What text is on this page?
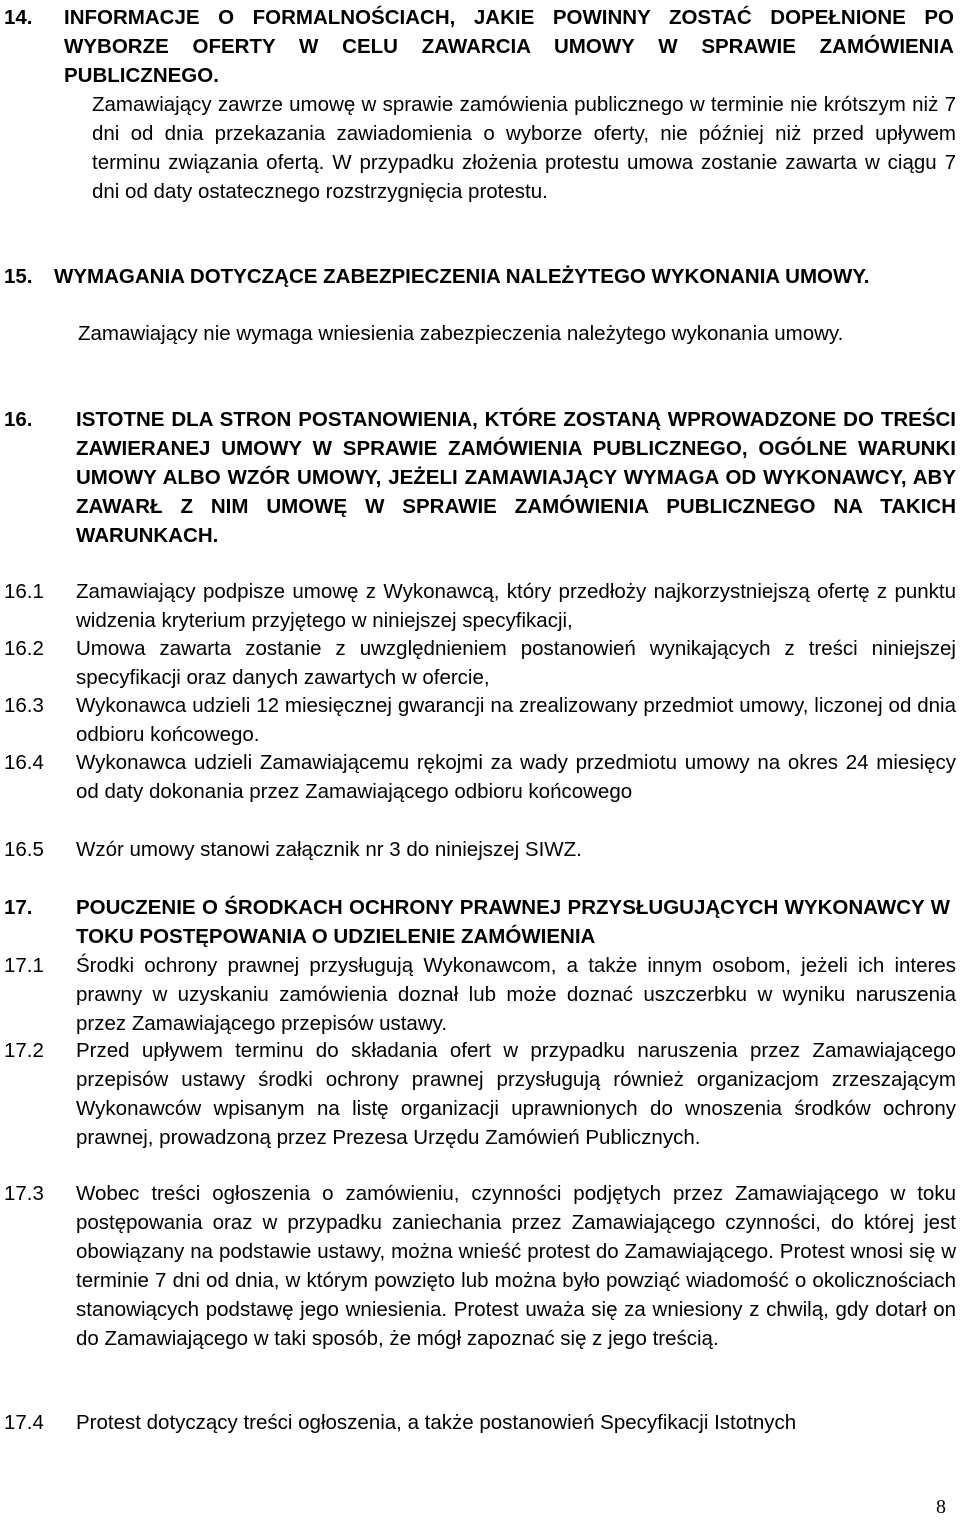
14. INFORMACJE O FORMALNOŚCIACH, JAKIE POWINNY ZOSTAĆ DOPEŁNIONE PO WYBORZE OFERTY W CELU ZAWARCIA UMOWY W SPRAWIE ZAMÓWIENIA PUBLICZNEGO.
Zamawiający zawrze umowę w sprawie zamówienia publicznego w terminie nie krótszym niż 7 dni od dnia przekazania zawiadomienia o wyborze oferty, nie później niż przed upływem terminu związania ofertą. W przypadku złożenia protestu umowa zostanie zawarta w ciągu 7 dni od daty ostatecznego rozstrzygnięcia protestu.
15. WYMAGANIA DOTYCZĄCE ZABEZPIECZENIA NALEŻYTEGO WYKONANIA UMOWY.
Zamawiający nie wymaga wniesienia zabezpieczenia należytego wykonania umowy.
16. ISTOTNE DLA STRON POSTANOWIENIA, KTÓRE ZOSTANĄ WPROWADZONE DO TREŚCI ZAWIERANEJ UMOWY W SPRAWIE ZAMÓWIENIA PUBLICZNEGO, OGÓLNE WARUNKI UMOWY ALBO WZÓR UMOWY, JEŻELI ZAMAWIAJĄCY WYMAGA OD WYKONAWCY, ABY ZAWARŁ Z NIM UMOWĘ W SPRAWIE ZAMÓWIENIA PUBLICZNEGO NA TAKICH WARUNKACH.
16.1 Zamawiający podpisze umowę z Wykonawcą, który przedłoży najkorzystniejszą ofertę z punktu widzenia kryterium przyjętego w niniejszej specyfikacji,
16.2 Umowa zawarta zostanie z uwzględnieniem postanowień wynikających z treści niniejszej specyfikacji oraz danych zawartych w ofercie,
16.3 Wykonawca udzieli 12 miesięcznej gwarancji na zrealizowany przedmiot umowy, liczonej od dnia odbioru końcowego.
16.4 Wykonawca udzieli Zamawiającemu rękojmi za wady przedmiotu umowy na okres 24 miesięcy od daty dokonania przez Zamawiającego odbioru końcowego
16.5 Wzór umowy stanowi załącznik nr 3 do niniejszej SIWZ.
17. POUCZENIE O ŚRODKACH OCHRONY PRAWNEJ PRZYSŁUGUJĄCYCH WYKONAWCY W TOKU POSTĘPOWANIA O UDZIELENIE ZAMÓWIENIA
17.1 Środki ochrony prawnej przysługują Wykonawcom, a także innym osobom, jeżeli ich interes prawny w uzyskaniu zamówienia doznał lub może doznać uszczerbku w wyniku naruszenia przez Zamawiającego przepisów ustawy.
17.2 Przed upływem terminu do składania ofert w przypadku naruszenia przez Zamawiającego przepisów ustawy środki ochrony prawnej przysługują również organizacjom zrzeszającym Wykonawców wpisanym na listę organizacji uprawnionych do wnoszenia środków ochrony prawnej, prowadzoną przez Prezesa Urzędu Zamówień Publicznych.
17.3 Wobec treści ogłoszenia o zamówieniu, czynności podjętych przez Zamawiającego w toku postępowania oraz w przypadku zaniechania przez Zamawiającego czynności, do której jest obowiązany na podstawie ustawy, można wnieść protest do Zamawiającego. Protest wnosi się w terminie 7 dni od dnia, w którym powzięto lub można było powziąć wiadomość o okolicznościach stanowiących podstawę jego wniesienia. Protest uważa się za wniesiony z chwilą, gdy dotarł on do Zamawiającego w taki sposób, że mógł zapoznać się z jego treścią.
17.4 Protest dotyczący treści ogłoszenia, a także postanowień Specyfikacji Istotnych
8
